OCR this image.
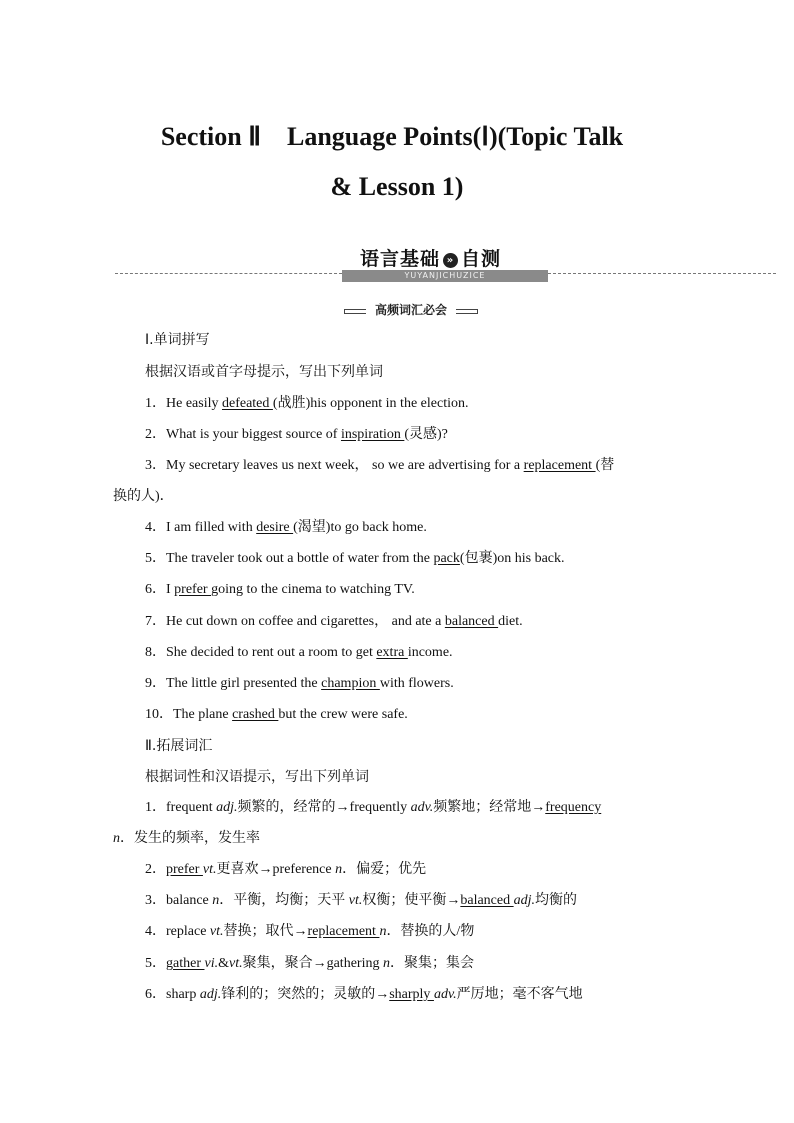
Section Ⅱ　Language Points(Ⅰ)(Topic Talk
& Lesson 1)
语言基础 » 自测
YUYANJICHUZICE
高频词汇必会
Ⅰ.单词拼写
根据汉语或首字母提示，写出下列单词
1．He easily defeated (战胜)his opponent in the election.
2．What is your biggest source of inspiration (灵感)?
3．My secretary leaves us next week， so we are advertising for a replacement (替
换的人)．
4．I am filled with desire (渴望)to go back home.
5．The traveler took out a bottle of water from the pack(包裹)on his back.
6．I prefer going to the cinema to watching TV.
7．He cut down on coffee and cigarettes， and ate a balanced diet.
8．She decided to rent out a room to get extra income.
9．The little girl presented the champion with flowers.
10．The plane crashed but the crew were safe.
Ⅱ.拓展词汇
根据词性和汉语提示，写出下列单词
1．frequent adj.频繁的，经常的→frequently adv.频繁地；经常地→frequency
n．发生的频率，发生率
2．prefer vt.更喜欢→preference n．偏爱；优先
3．balance n．平衡，均衡；天平 vt.权衡；使平衡→balanced adj.均衡的
4．replace vt.替换；取代→replacement n．替换的人/物
5．gather vi.&vt.聚集，聚合→gathering n．聚集；集会
6．sharp adj.锋利的；突然的；灵敏的→sharply adv.严厉地；毫不客气地
